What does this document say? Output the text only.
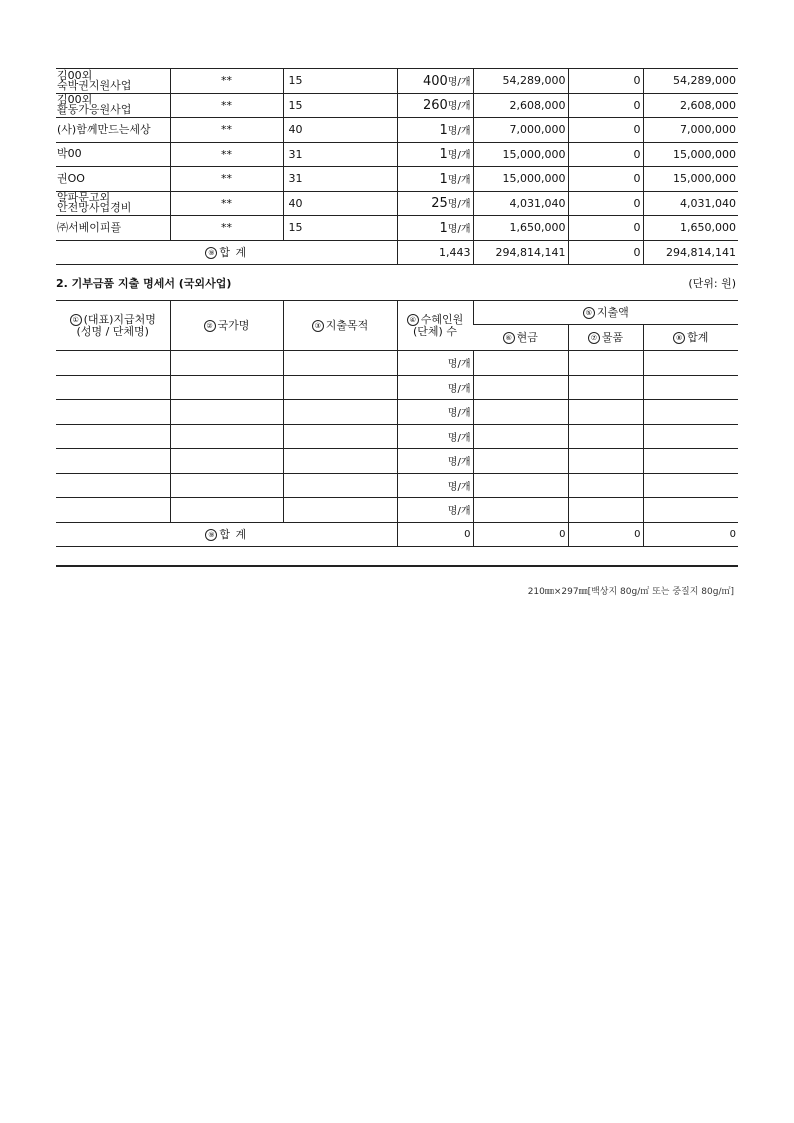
김00외
숙박권지원사업	**	15	400명/개	54,289,000	0	54,289,000
김00외
활동가응원사업	**	15	260명/개	2,608,000	0	2,608,000
(사)함께만드는세상	**	40	1명/개	7,000,000	0	7,000,000
박00	**	31	1명/개	15,000,000	0	15,000,000
권OO	**	31	1명/개	15,000,000	0	15,000,000
알파문고외
안전망사업경비	**	40	25명/개	4,031,040	0	4,031,040
㈜서베이피플	**	15	1명/개	1,650,000	0	1,650,000
⑨ 합 계			1,443	294,814,141	0	294,814,141
2. 기부금품 지출 명세서 (국외사업)	(단위: 원)
① (대표)지급처명
(성명 / 단체명)	② 국가명	③ 지출목적	④ 수혜인원
(단체) 수	⑤ 지출액		
				⑥ 현금	⑦ 물품	⑧ 합계
			명/개			
			명/개			
			명/개			
			명/개			
			명/개			
			명/개			
			명/개			
⑨ 합 계			0	0	0	0
210㎜×297㎜[백상지 80g/㎡ 또는 중질지 80g/㎡]
